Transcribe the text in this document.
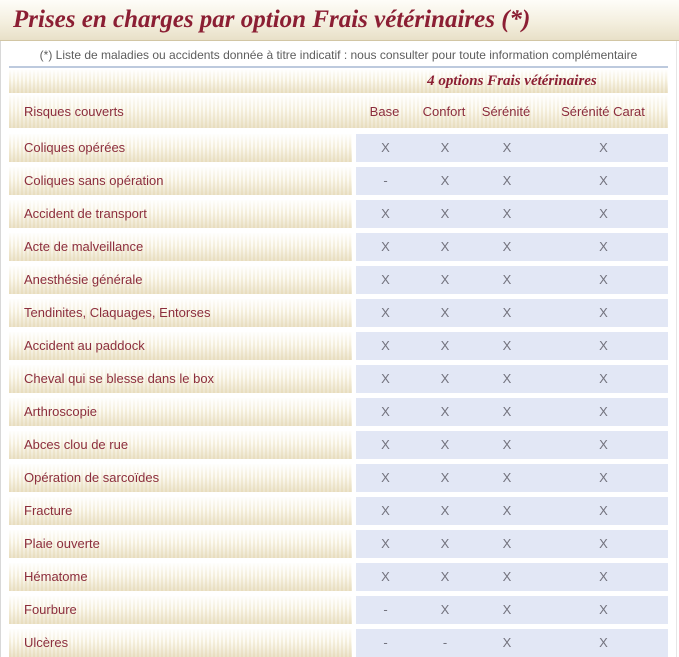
Prises en charges par option Frais vétérinaires (*)

(*) Liste de maladies ou accidents donnée à titre indicatif : nous consulter pour toute information complémentaire

4 options Frais vétérinaires
Risques couverts	Base	Confort	Sérénité	Sérénité Carat
Coliques opérées	X	X	X	X
Coliques sans opération	-	X	X	X
Accident de transport	X	X	X	X
Acte de malveillance	X	X	X	X
Anesthésie générale	X	X	X	X
Tendinites, Claquages, Entorses	X	X	X	X
Accident au paddock	X	X	X	X
Cheval qui se blesse dans le box	X	X	X	X
Arthroscopie	X	X	X	X
Abces clou de rue	X	X	X	X
Opération de sarcoïdes	X	X	X	X
Fracture	X	X	X	X
Plaie ouverte	X	X	X	X
Hématome	X	X	X	X
Fourbure	-	X	X	X
Ulcères	-	-	X	X
